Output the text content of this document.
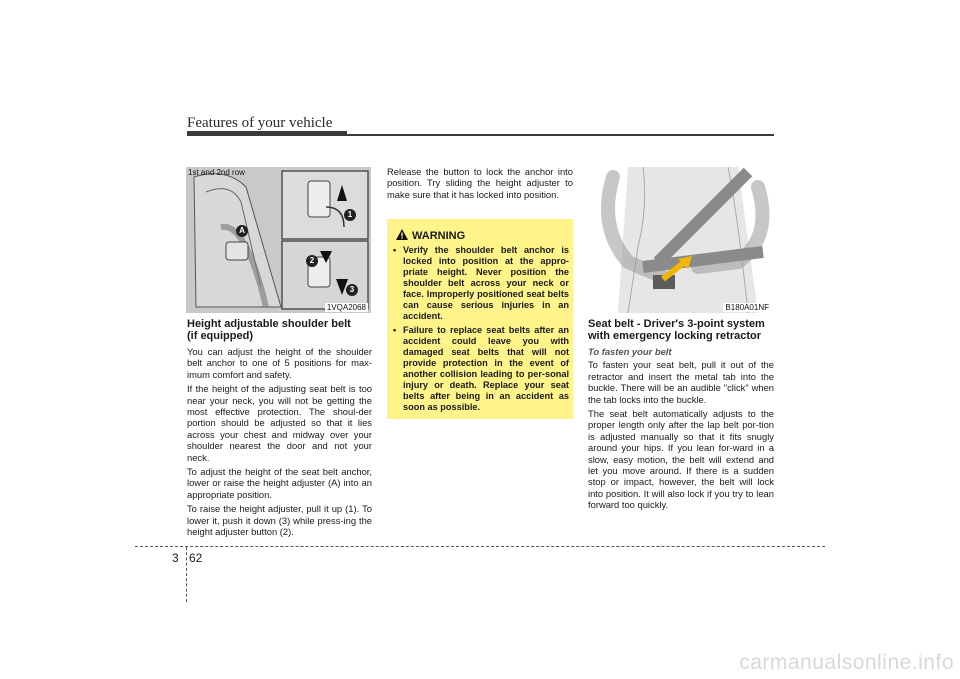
Features of your vehicle
1st and 2nd row
A
1
2
3
1VQA2068
Height adjustable shoulder belt
(if equipped)

You can adjust the height of the shoulder belt anchor to one of 5 positions for max-imum comfort and safety.

If the height of the adjusting seat belt is too near your neck, you will not be getting the most effective protection. The shoul-der portion should be adjusted so that it lies across your chest and midway over your shoulder nearest the door and not your neck.

To adjust the height of the seat belt anchor, lower or raise the height adjuster (A) into an appropriate position.

To raise the height adjuster, pull it up (1). To lower it, push it down (3) while press-ing the height adjuster button (2).

Release the button to lock the anchor into position. Try sliding the height adjuster to make sure that it has locked into position.

WARNING
• Verify the shoulder belt anchor is locked into position at the appro-priate height. Never position the shoulder belt across your neck or face. Improperly positioned seat belts can cause serious injuries in an accident.
• Failure to replace seat belts after an accident could leave you with damaged seat belts that will not provide protection in the event of another collision leading to per-sonal injury or death. Replace your seat belts after being in an accident as soon as possible.
B180A01NF
Seat belt - Driver's 3-point system
with emergency locking retractor
To fasten your belt

To fasten your seat belt, pull it out of the retractor and insert the metal tab into the buckle. There will be an audible "click" when the tab locks into the buckle.

The seat belt automatically adjusts to the proper length only after the lap belt por-tion is adjusted manually so that it fits snugly around your hips. If you lean for-ward in a slow, easy motion, the belt will extend and let you move around. If there is a sudden stop or impact, however, the belt will lock into position. It will also lock if you try to lean forward too quickly.

3 62
carmanualsonline.info
